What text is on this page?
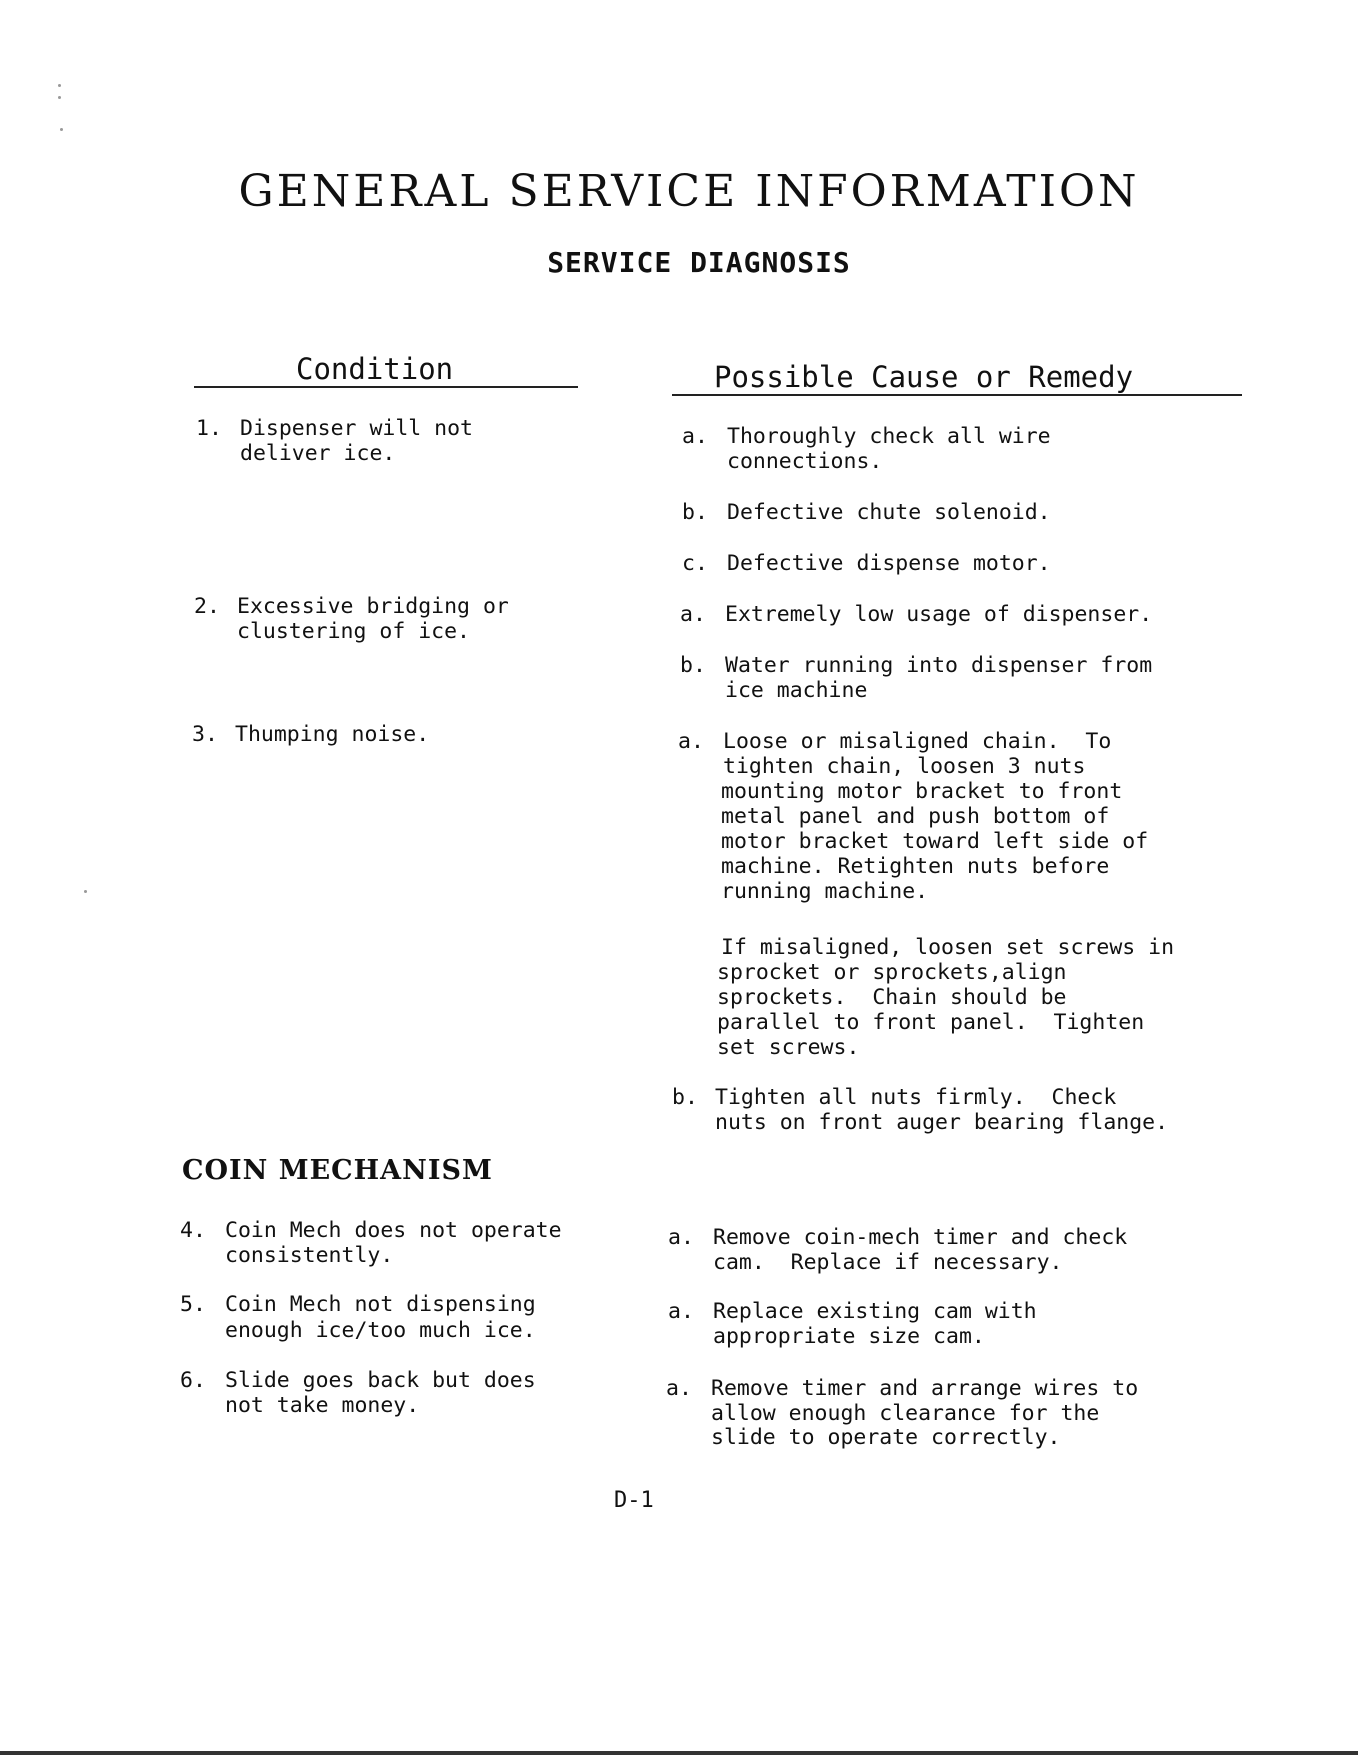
GENERAL SERVICE INFORMATION
SERVICE DIAGNOSIS
Condition	Possible Cause or Remedy
1. Dispenser will not
deliver ice.
a. Thoroughly check all wire
connections.
b. Defective chute solenoid.
c. Defective dispense motor.
2. Excessive bridging or
clustering of ice.
a. Extremely low usage of dispenser.
b. Water running into dispenser from
ice machine
3. Thumping noise.	a. Loose or misaligned chain.  To
tighten chain, loosen 3 nuts
mounting motor bracket to front
metal panel and push bottom of
motor bracket toward left side of
machine. Retighten nuts before
running machine.
If misaligned, loosen set screws in
sprocket or sprockets,align
sprockets.  Chain should be
parallel to front panel.  Tighten
set screws.
b. Tighten all nuts firmly.  Check
nuts on front auger bearing flange.
COIN MECHANISM
4. Coin Mech does not operate
consistently.
a. Remove coin-mech timer and check
cam.  Replace if necessary.
5. Coin Mech not dispensing
enough ice/too much ice.
a. Replace existing cam with
appropriate size cam.
6. Slide goes back but does
not take money.
a. Remove timer and arrange wires to
allow enough clearance for the
slide to operate correctly.
D-1
